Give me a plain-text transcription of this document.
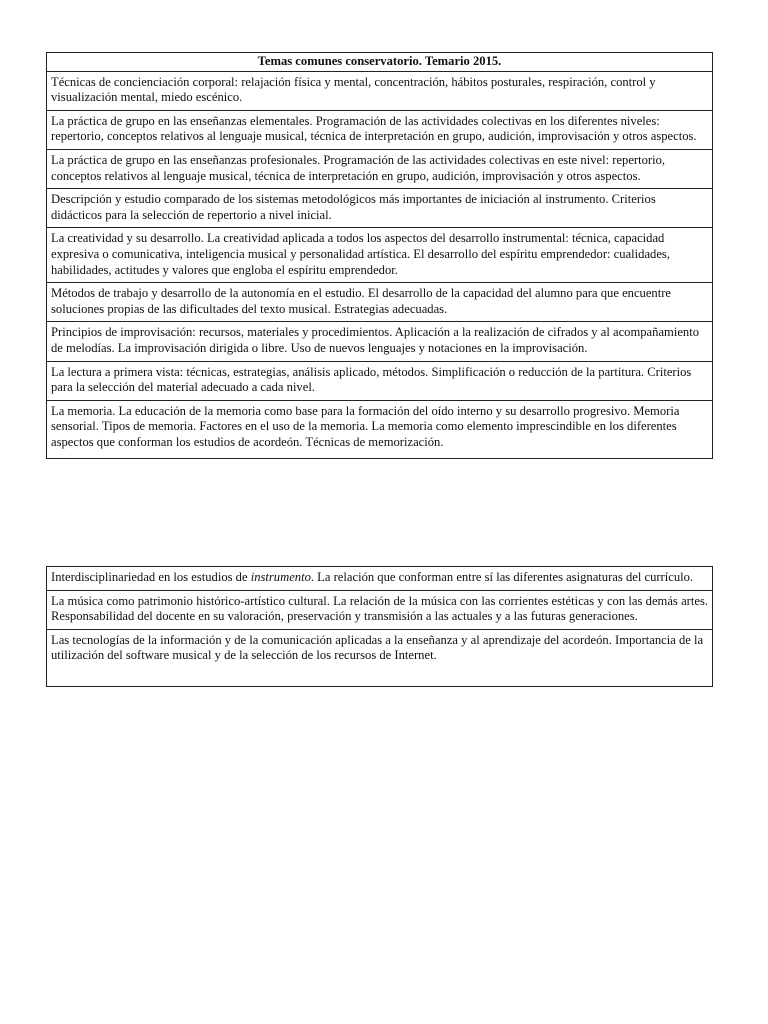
Temas comunes conservatorio. Temario 2015.
Técnicas de concienciación corporal: relajación física y mental, concentración, hábitos posturales, respiración, control y visualización mental, miedo escénico.
La práctica de grupo en las enseñanzas elementales. Programación de las actividades colectivas en los diferentes niveles: repertorio, conceptos relativos al lenguaje musical, técnica de interpretación en grupo, audición, improvisación y otros aspectos.
La práctica de grupo en las enseñanzas profesionales. Programación de las actividades colectivas en este nivel: repertorio, conceptos relativos al lenguaje musical, técnica de interpretación en grupo, audición, improvisación y otros aspectos.
Descripción y estudio comparado de los sistemas metodológicos más importantes de iniciación al instrumento. Criterios didácticos para la selección de repertorio a nivel inicial.
La creatividad y su desarrollo. La creatividad aplicada a todos los aspectos del desarrollo instrumental: técnica, capacidad expresiva o comunicativa, inteligencia musical y personalidad artística. El desarrollo del espíritu emprendedor: cualidades, habilidades, actitudes y valores que engloba el espíritu emprendedor.
Métodos de trabajo y desarrollo de la autonomía en el estudio. El desarrollo de la capacidad del alumno para que encuentre soluciones propias de las dificultades del texto musical. Estrategias adecuadas.
Principios de improvisación: recursos, materiales y procedimientos. Aplicación a la realización de cifrados y al acompañamiento de melodías. La improvisación dirigida o libre. Uso de nuevos lenguajes y notaciones en la improvisación.
La lectura a primera vista: técnicas, estrategias, análisis aplicado, métodos. Simplificación o reducción de la partitura. Criterios para la selección del material adecuado a cada nivel.
La memoria. La educación de la memoria como base para la formación del oído interno y su desarrollo progresivo. Memoria sensorial. Tipos de memoria. Factores en el uso de la memoria. La memoria como elemento imprescindible en los diferentes aspectos que conforman los estudios de acordeón. Técnicas de memorización.
Interdisciplinariedad en los estudios de instrumento. La relación que conforman entre sí las diferentes asignaturas del currículo.
La música como patrimonio histórico-artístico cultural. La relación de la música con las corrientes estéticas y con las demás artes. Responsabilidad del docente en su valoración, preservación y transmisión a las actuales y a las futuras generaciones.
Las tecnologías de la información y de la comunicación aplicadas a la enseñanza y al aprendizaje del acordeón. Importancia de la utilización del software musical y de la selección de los recursos de Internet.
